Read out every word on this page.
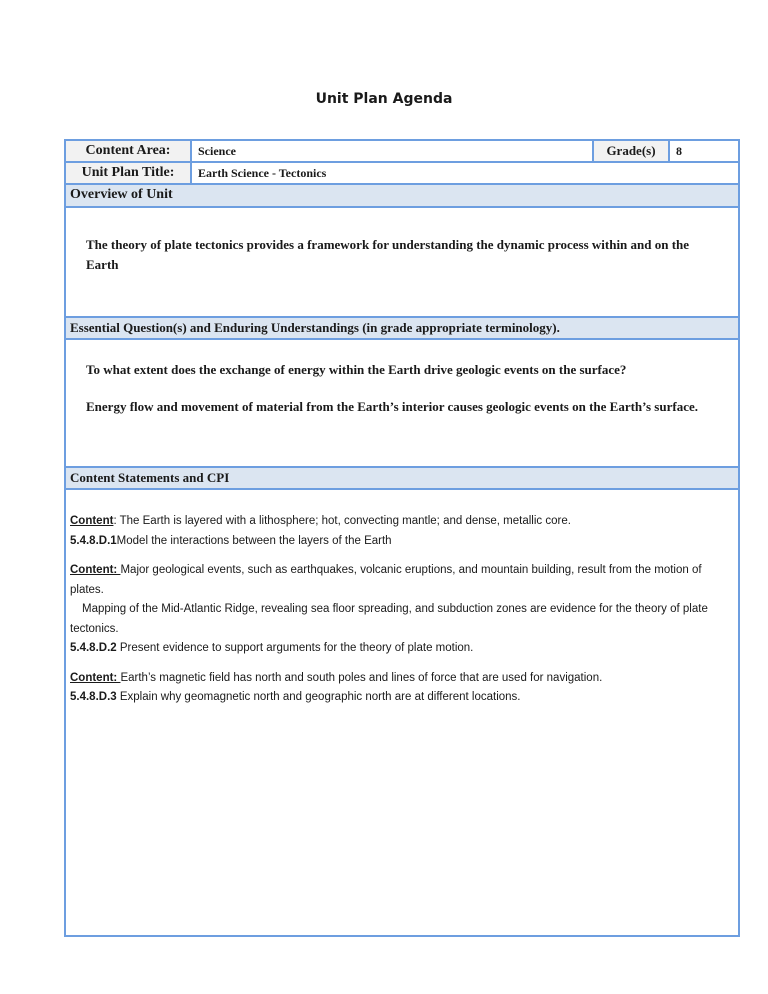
Unit Plan Agenda
Content Area:	Science	Grade(s)	8
Unit Plan Title:	Earth Science - Tectonics
Overview of Unit

The theory of plate tectonics provides a framework for understanding the dynamic process within and on the Earth

Essential Question(s) and Enduring Understandings (in grade appropriate terminology).

To what extent does the exchange of energy within the Earth drive geologic events on the surface?

Energy flow and movement of material from the Earth’s interior causes geologic events on the Earth’s surface.

Content Statements and CPI
Content: The Earth is layered with a lithosphere; hot, convecting mantle; and dense, metallic core.
5.4.8.D.1Model the interactions between the layers of the Earth
Content: Major geological events, such as earthquakes, volcanic eruptions, and mountain building, result from the motion of plates.
Mapping of the Mid-Atlantic Ridge, revealing sea floor spreading, and subduction zones are evidence for the theory of plate tectonics.
5.4.8.D.2 Present evidence to support arguments for the theory of plate motion.
Content: Earth’s magnetic field has north and south poles and lines of force that are used for navigation.
5.4.8.D.3 Explain why geomagnetic north and geographic north are at different locations.
